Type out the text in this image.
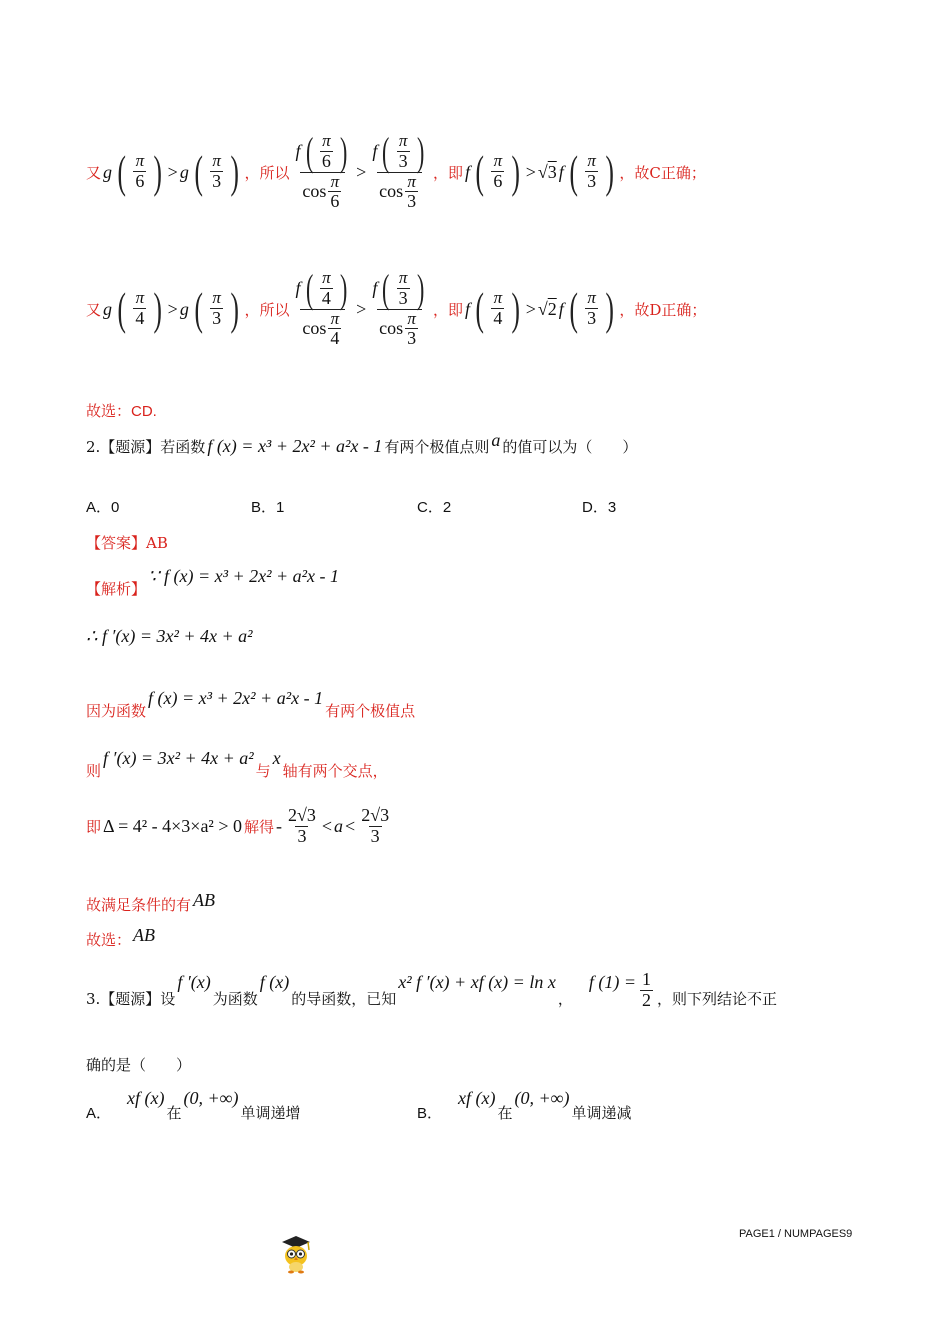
又 g ( $\frac{\pi}{6}$ ) > g ( $\frac{\pi}{3}$ ) ，所以 $\frac{f ( \frac{\pi}{6} )}{\cos \frac{\pi}{6}} > \frac{f ( \frac{\pi}{3} )}{\cos \frac{\pi}{3}}$ ，即 f ( $\frac{\pi}{6}$ ) > √3 f ( $\frac{\pi}{3}$ ) ，故C正确；
又 g ( $\frac{\pi}{4}$ ) > g ( $\frac{\pi}{3}$ ) ，所以 $\frac{f ( \frac{\pi}{4} )}{\cos \frac{\pi}{4}} > \frac{f ( \frac{\pi}{3} )}{\cos \frac{\pi}{3}}$ ，即 f ( $\frac{\pi}{4}$ ) > √2 f ( $\frac{\pi}{3}$ ) ，故D正确；
故选：CD.
2.【题源】若函数 f (x) = x³ + 2x² + a²x - 1 有两个极值点则 a 的值可以为（　　）
A．0	B．1	C．2	D．3
【答案】AB
【解析】
∵ f (x) = x³ + 2x² + a²x - 1
∴ f ′(x) = 3x² + 4x + a²
因为函数
f (x) = x³ + 2x² + a²x - 1
有两个极值点
则
f ′(x) = 3x² + 4x + a²
与
x
轴有两个交点，
即 Δ = 4² - 4×3×a² > 0 解得 - $\frac{2√3}{3} < a < \frac{2√3}{3}$
故满足条件的有 AB
故选： AB
3.【题源】设
f ′(x)
为函数
f (x)
的导函数，已知
x² f ′(x) + xf (x) = ln x
，
f $(1) = \frac{1}{2}$ ，则下列结论不正
确的是（　　）
A．
xf (x)
在
(0, +∞)
单调递增	B．
xf (x)
在
(0, +∞)
单调递减
PAGE1 / NUMPAGES9
